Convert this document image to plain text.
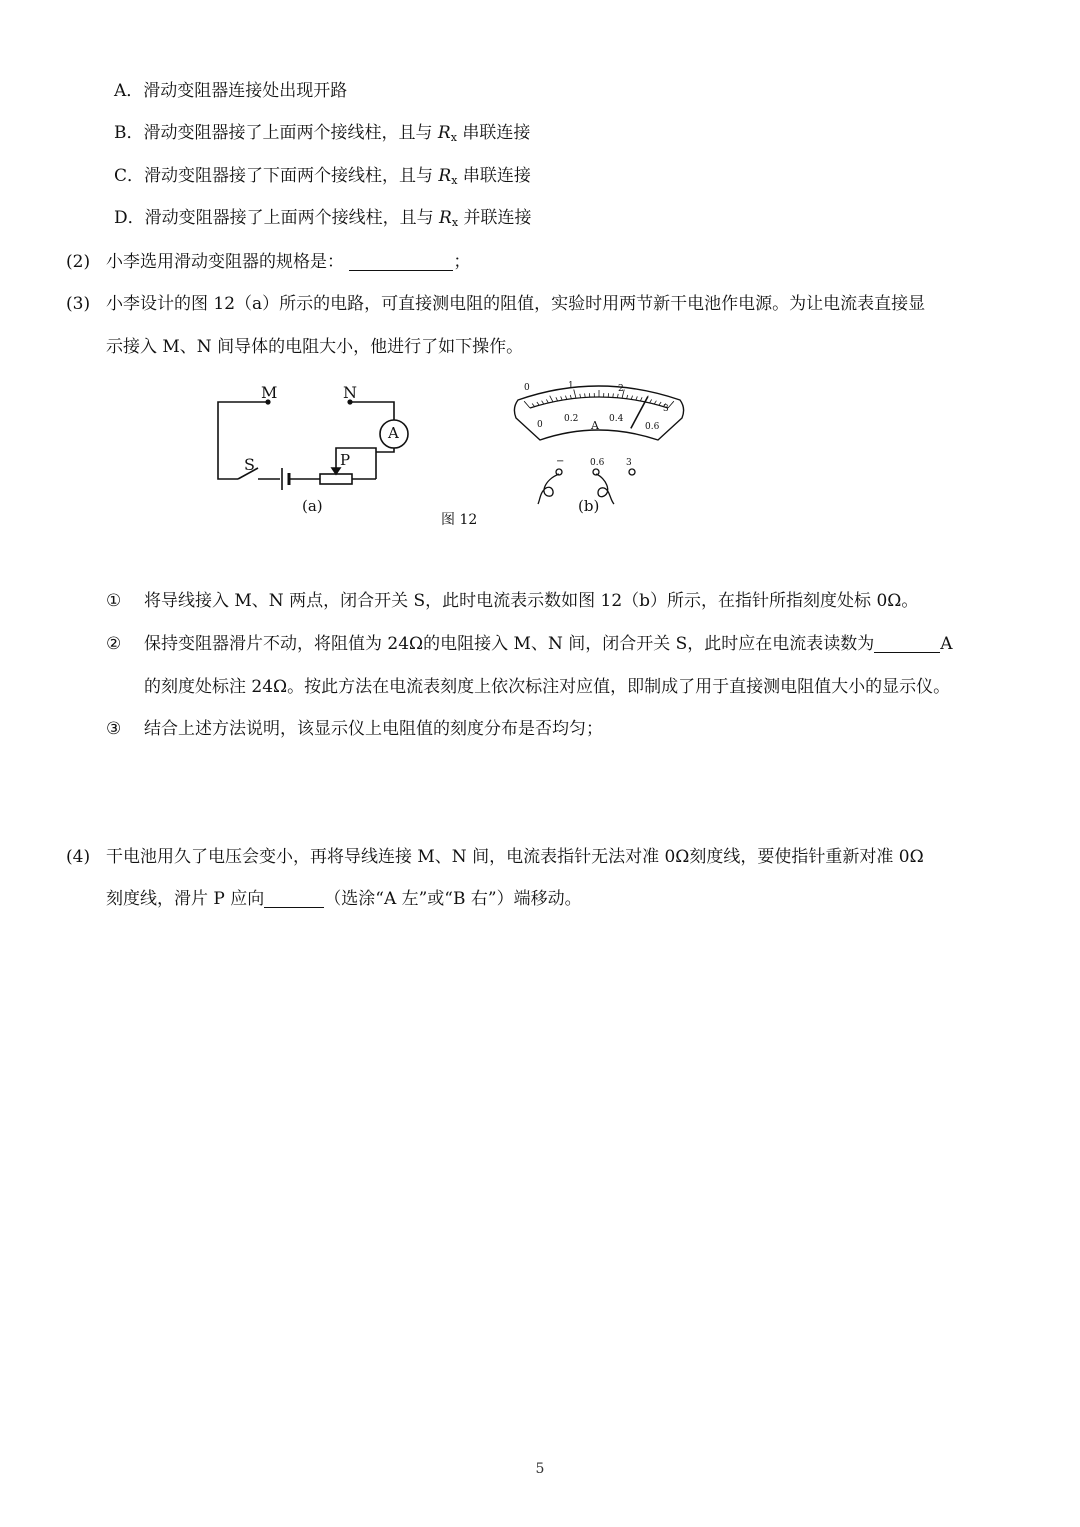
A．滑动变阻器连接处出现开路
B．滑动变阻器接了上面两个接线柱，且与 $R_x$ 串联连接
C．滑动变阻器接了下面两个接线柱，且与 $R_x$ 串联连接
D．滑动变阻器接了上面两个接线柱，且与 $R_x$ 并联连接
(2) 小李选用滑动变阻器的规格是：	；
(3) 小李设计的图 12（a）所示的电路，可直接测电阻的阻值，实验时用两节新干电池作电源。为让电流表直接显
示接入 M、N 间导体的电阻大小，他进行了如下操作。
M	N
S	P
A
(a)
0	1	2
3
0
0.2	0.4
0.6
A
−	0.6 3
(b)
图 12
① 将导线接入 M、N 两点，闭合开关 S，此时电流表示数如图 12（b）所示，在指针所指刻度处标 0Ω。
② 保持变阻器滑片不动，将阻值为 24Ω的电阻接入 M、N 间，闭合开关 S，此时应在电流表读数为	A
的刻度处标注 24Ω。按此方法在电流表刻度上依次标注对应值，即制成了用于直接测电阻值大小的显示仪。
③ 结合上述方法说明，该显示仪上电阻值的刻度分布是否均匀；
(4) 干电池用久了电压会变小，再将导线连接 M、N 间，电流表指针无法对准 0Ω刻度线，要使指针重新对准 0Ω
刻度线，滑片 P 应向	（选涂“A 左”或“B 右”）端移动。
5
